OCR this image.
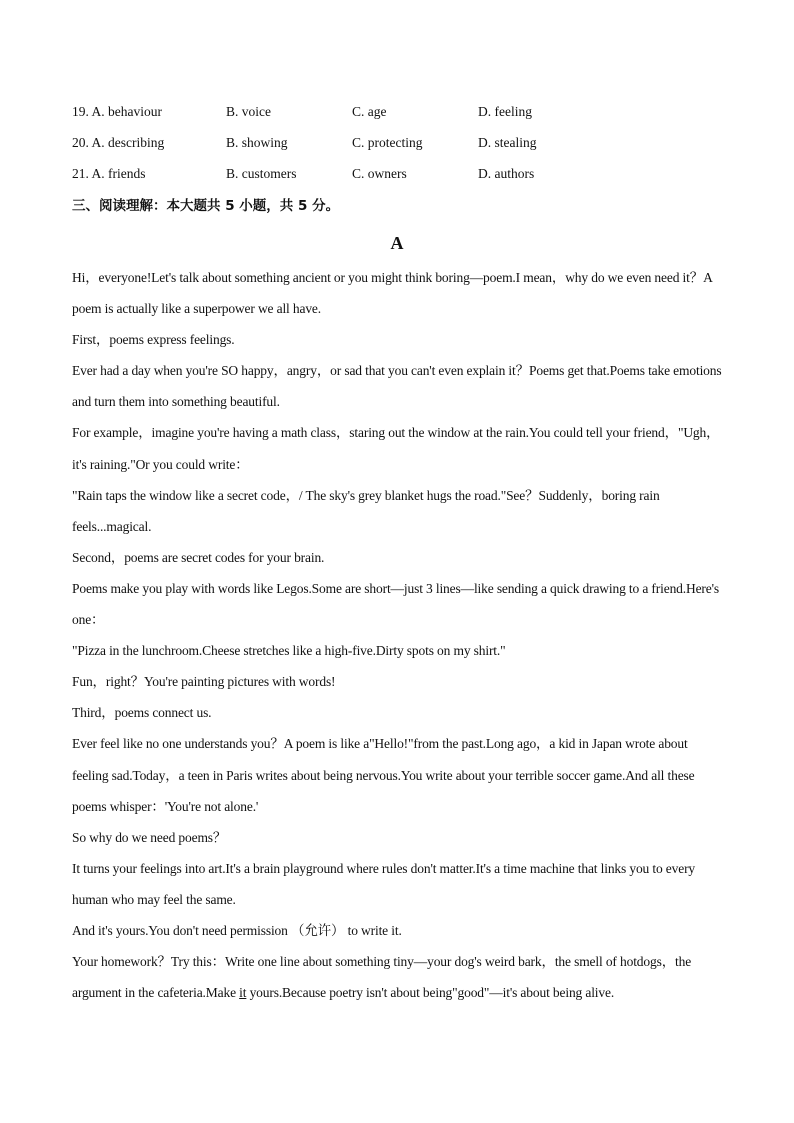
19. A. behaviour	B. voice	C. age	D. feeling
20. A. describing	B. showing	C. protecting	D. stealing
21. A. friends	B. customers	C. owners	D. authors
三、阅读理解：本大题共 5 小题，共 5 分。
A

Hi，everyone!Let's talk about something ancient or you might think boring—poem.I mean，why do we even need it？A poem is actually like a superpower we all have.

First，poems express feelings.

Ever had a day when you're SO happy，angry，or sad that you can't even explain it？Poems get that.Poems take emotions and turn them into something beautiful.

For example，imagine you're having a math class，staring out the window at the rain.You could tell your friend，"Ugh，it's raining."Or you could write：

"Rain taps the window like a secret code，/ The sky's grey blanket hugs the road."See？Suddenly，boring rain feels...magical.

Second，poems are secret codes for your brain.

Poems make you play with words like Legos.Some are short—just 3 lines—like sending a quick drawing to a friend.Here's one：

"Pizza in the lunchroom.Cheese stretches like a high-five.Dirty spots on my shirt."

Fun，right？You're painting pictures with words!

Third，poems connect us.

Ever feel like no one understands you？A poem is like a"Hello!"from the past.Long ago，a kid in Japan wrote about feeling sad.Today，a teen in Paris writes about being nervous.You write about your terrible soccer game.And all these poems whisper：'You're not alone.'

So why do we need poems？

It turns your feelings into art.It's a brain playground where rules don't matter.It's a time machine that links you to every human who may feel the same.

And it's yours.You don't need permission （允许） to write it.

Your homework？Try this：Write one line about something tiny—your dog's weird bark，the smell of hotdogs，the argument in the cafeteria.Make it yours.Because poetry isn't about being"good"—it's about being alive.
